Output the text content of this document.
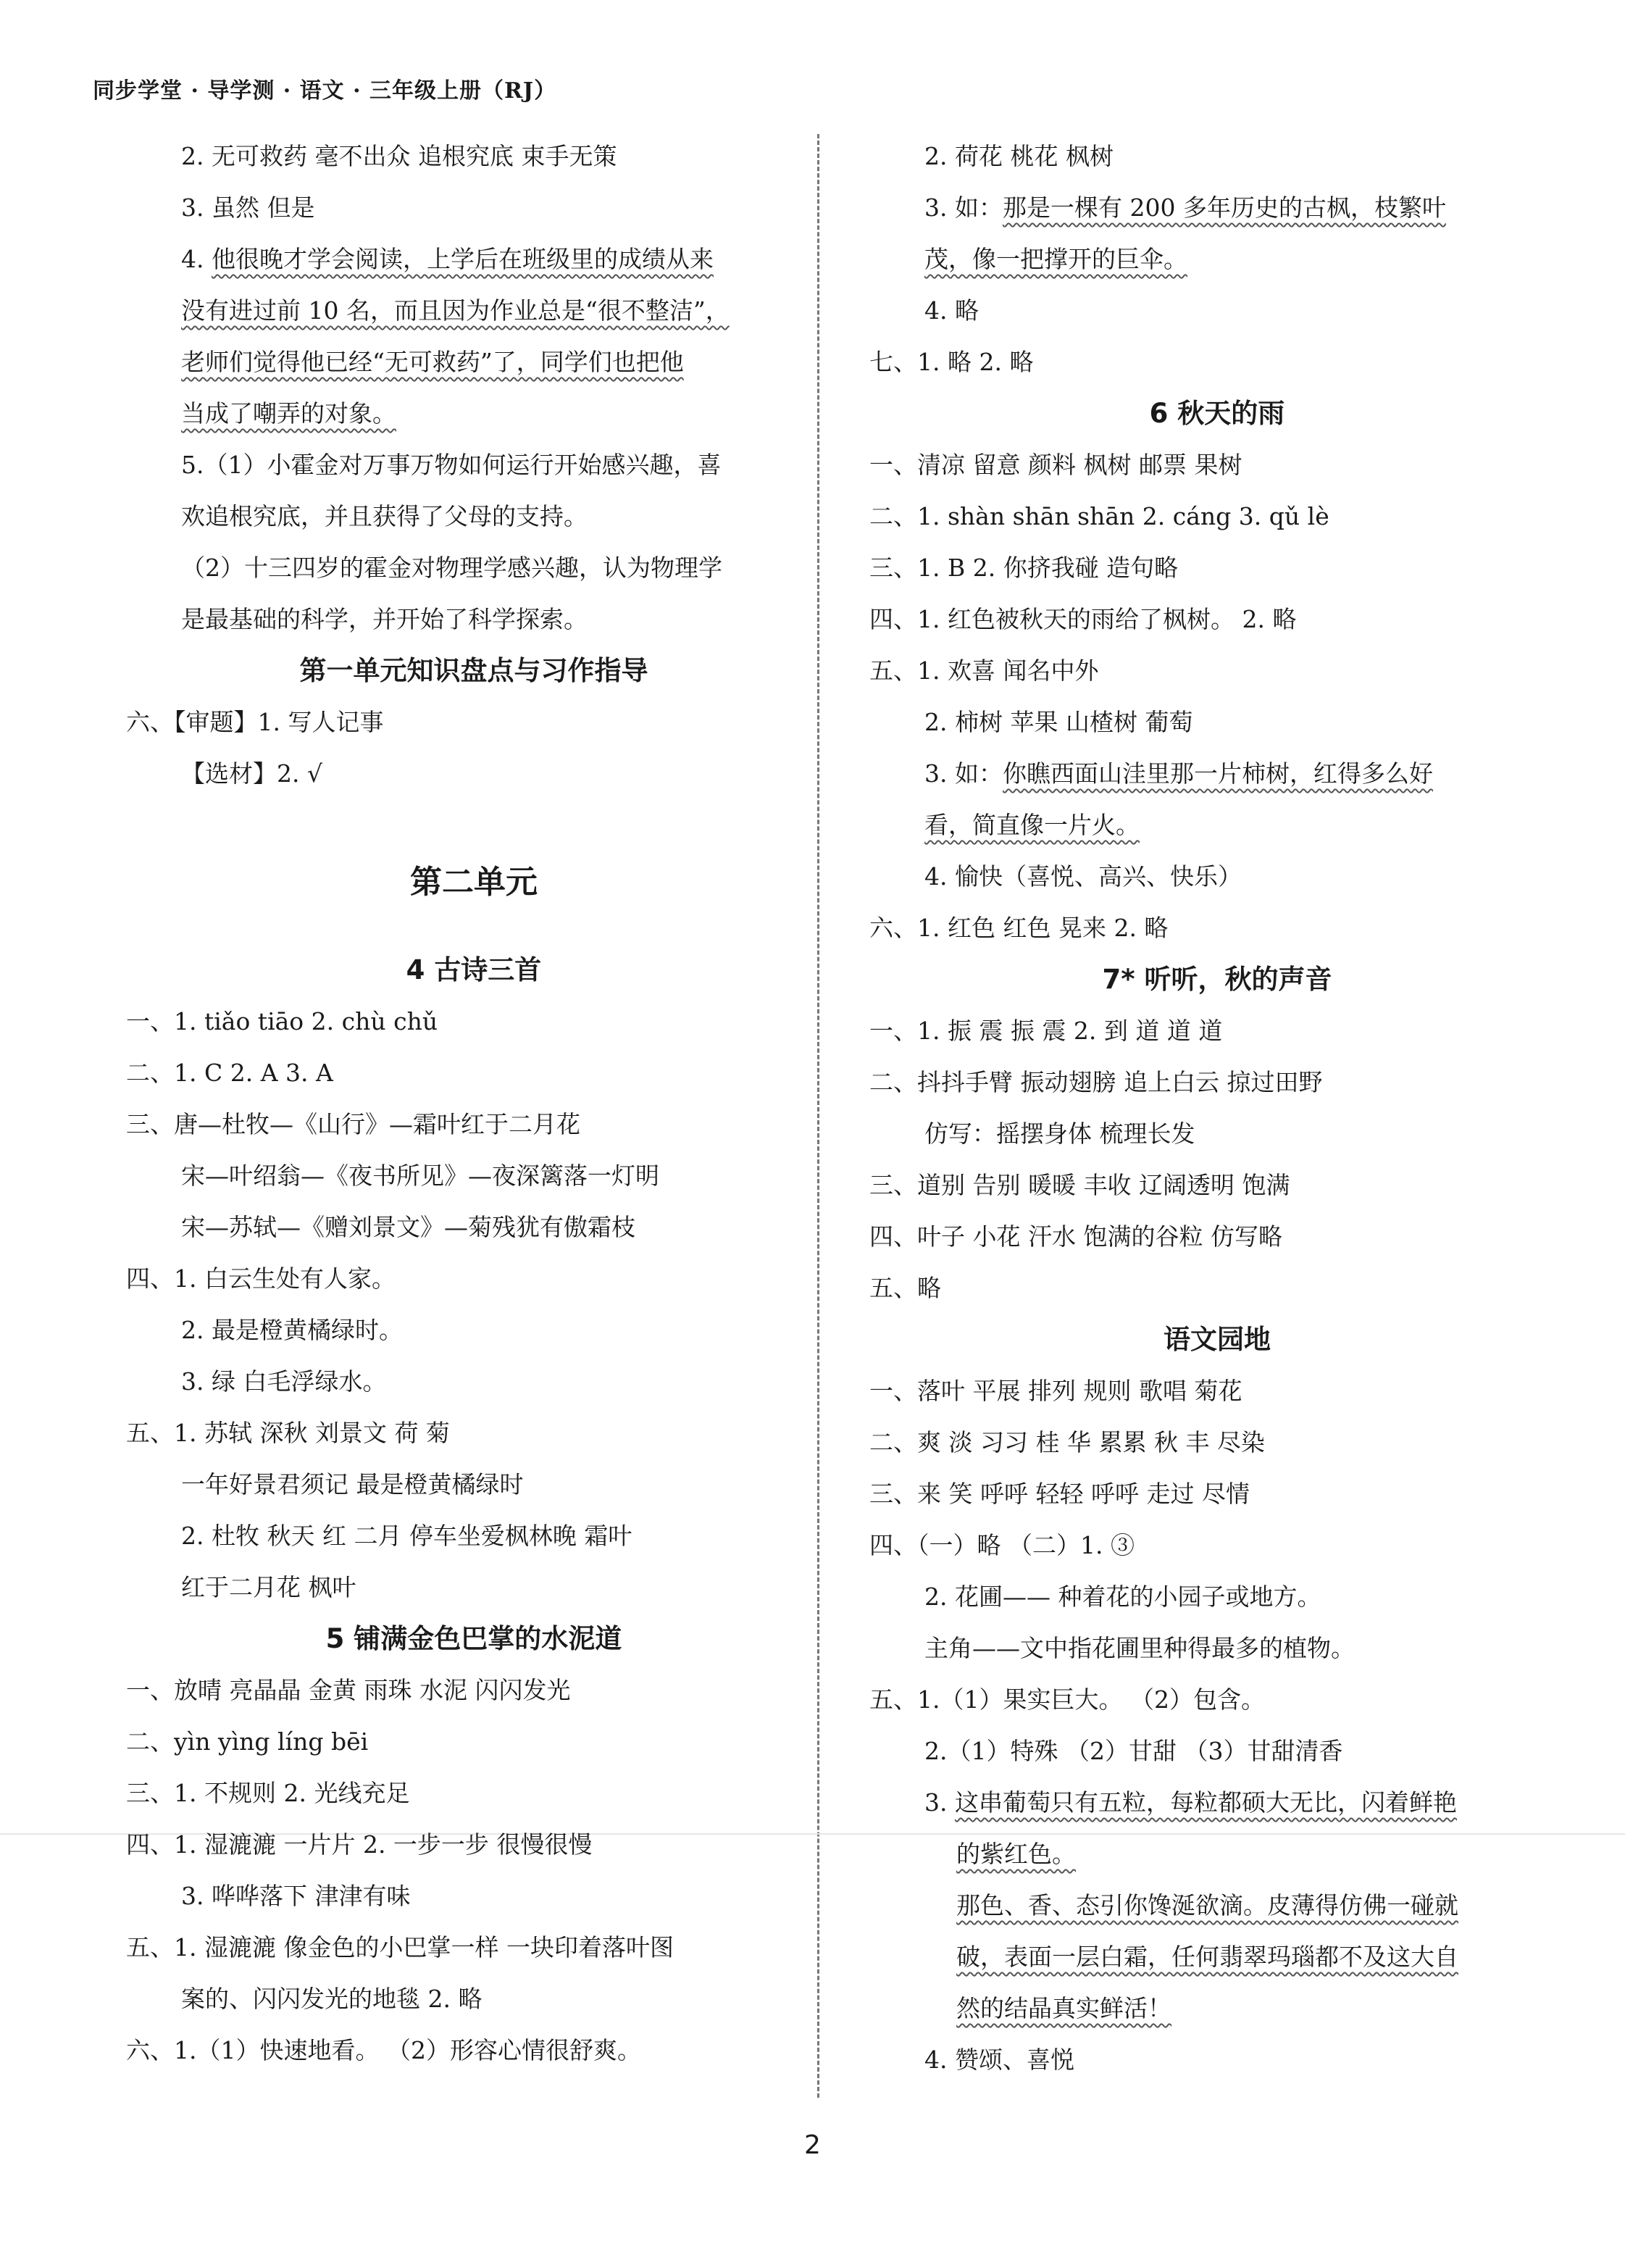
同步学堂 · 导学测 · 语文 · 三年级上册（RJ）
2. 无可救药 毫不出众 追根究底 束手无策
3. 虽然 但是
4. 他很晚才学会阅读，上学后在班级里的成绩从来
没有进过前 10 名，而且因为作业总是“很不整洁”，
老师们觉得他已经“无可救药”了，同学们也把他
当成了嘲弄的对象。
5.（1）小霍金对万事万物如何运行开始感兴趣，喜
欢追根究底，并且获得了父母的支持。
（2）十三四岁的霍金对物理学感兴趣，认为物理学
是最基础的科学，并开始了科学探索。
第一单元知识盘点与习作指导
六、【审题】1. 写人记事
【选材】2. √
第二单元
4 古诗三首
一、1. tiǎo tiāo 2. chù chǔ
二、1. C 2. A 3. A
三、唐—杜牧—《山行》—霜叶红于二月花
宋—叶绍翁—《夜书所见》—夜深篱落一灯明
宋—苏轼—《赠刘景文》—菊残犹有傲霜枝
四、1. 白云生处有人家。
2. 最是橙黄橘绿时。
3. 绿 白毛浮绿水。
五、1. 苏轼 深秋 刘景文 荷 菊
一年好景君须记 最是橙黄橘绿时
2. 杜牧 秋天 红 二月 停车坐爱枫林晚 霜叶
红于二月花 枫叶
5 铺满金色巴掌的水泥道
一、放晴 亮晶晶 金黄 雨珠 水泥 闪闪发光
二、yìn yìng líng bēi
三、1. 不规则 2. 光线充足
四、1. 湿漉漉 一片片 2. 一步一步 很慢很慢
3. 哗哗落下 津津有味
五、1. 湿漉漉 像金色的小巴掌一样 一块印着落叶图
案的、闪闪发光的地毯 2. 略
六、1.（1）快速地看。 （2）形容心情很舒爽。
2. 荷花 桃花 枫树
3. 如：那是一棵有 200 多年历史的古枫，枝繁叶
茂，像一把撑开的巨伞。
4. 略
七、1. 略 2. 略
6 秋天的雨
一、清凉 留意 颜料 枫树 邮票 果树
二、1. shàn shān shān 2. cáng 3. qǔ lè
三、1. B 2. 你挤我碰 造句略
四、1. 红色被秋天的雨给了枫树。 2. 略
五、1. 欢喜 闻名中外
2. 柿树 苹果 山楂树 葡萄
3. 如：你瞧西面山洼里那一片柿树，红得多么好
看，简直像一片火。
4. 愉快（喜悦、高兴、快乐）
六、1. 红色 红色 晃来 2. 略
7* 听听，秋的声音
一、1. 振 震 振 震 2. 到 道 道 道
二、抖抖手臂 振动翅膀 追上白云 掠过田野
仿写：摇摆身体 梳理长发
三、道别 告别 暖暖 丰收 辽阔透明 饱满
四、叶子 小花 汗水 饱满的谷粒 仿写略
五、略
语文园地
一、落叶 平展 排列 规则 歌唱 菊花
二、爽 淡 习习 桂 华 累累 秋 丰 尽染
三、来 笑 呼呼 轻轻 呼呼 走过 尽情
四、（一）略 （二）1. ③
2. 花圃—— 种着花的小园子或地方。
主角——文中指花圃里种得最多的植物。
五、1.（1）果实巨大。 （2）包含。
2.（1）特殊 （2）甘甜 （3）甘甜清香
3. 这串葡萄只有五粒，每粒都硕大无比，闪着鲜艳
的紫红色。
那色、香、态引你馋涎欲滴。皮薄得仿佛一碰就
破，表面一层白霜，任何翡翠玛瑙都不及这大自
然的结晶真实鲜活！
4. 赞颂、喜悦
2
